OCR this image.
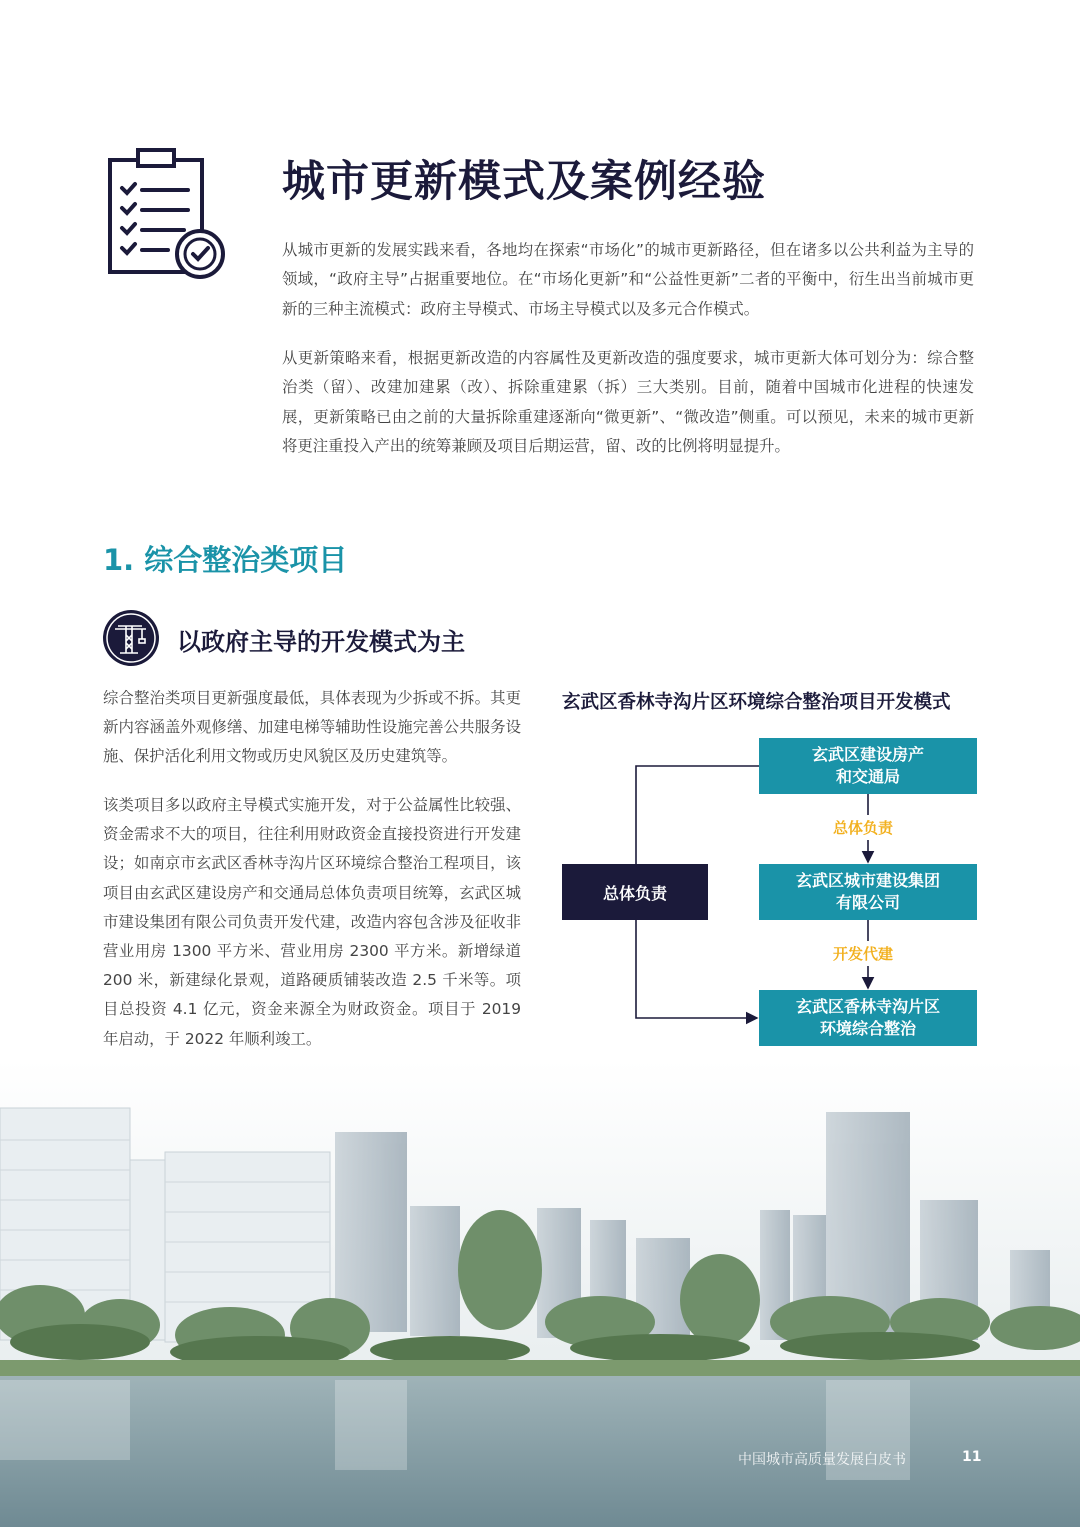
城市更新模式及案例经验

从城市更新的发展实践来看，各地均在探索“市场化”的城市更新路径，但在诸多以公共利益为主导的领域，“政府主导”占据重要地位。在“市场化更新”和“公益性更新”二者的平衡中，衍生出当前城市更新的三种主流模式：政府主导模式、市场主导模式以及多元合作模式。

从更新策略来看，根据更新改造的内容属性及更新改造的强度要求，城市更新大体可划分为：综合整治类（留）、改建加建累（改）、拆除重建累（拆）三大类别。目前，随着中国城市化进程的快速发展，更新策略已由之前的大量拆除重建逐渐向“微更新”、“微改造”侧重。可以预见，未来的城市更新将更注重投入产出的统筹兼顾及项目后期运营，留、改的比例将明显提升。

1. 综合整治类项目
以政府主导的开发模式为主

综合整治类项目更新强度最低，具体表现为少拆或不拆。其更新内容涵盖外观修缮、加建电梯等辅助性设施完善公共服务设施、保护活化利用文物或历史风貌区及历史建筑等。

该类项目多以政府主导模式实施开发，对于公益属性比较强、资金需求不大的项目，往往利用财政资金直接投资进行开发建设；如南京市玄武区香林寺沟片区环境综合整治工程项目，该项目由玄武区建设房产和交通局总体负责项目统筹，玄武区城市建设集团有限公司负责开发代建，改造内容包含涉及征收非营业用房 1300 平方米、营业用房 2300 平方米。新增绿道 200 米，新建绿化景观，道路硬质铺装改造 2.5 千米等。项目总投资 4.1 亿元，资金来源全为财政资金。项目于 2019 年启动，于 2022 年顺利竣工。

玄武区香林寺沟片区环境综合整治项目开发模式
玄武区建设房产
和交通局
总体负责
玄武区城市建设集团
有限公司
开发代建
玄武区香林寺沟片区
环境综合整治
总体负责
中国城市高质量发展白皮书	11
